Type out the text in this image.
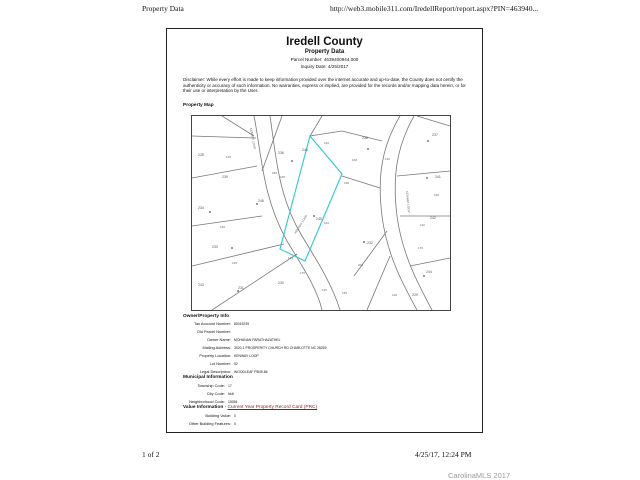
Property Data	http://web3.mobile311.com/IredellReport/report.aspx?PIN=463940...
Iredell County
Property Data
Parcel Number: 4639400944.000
Inquiry Date: 4/25/2017
Disclaimer: While every effort is made to keep information provided over the internet accurate and up-to-date, the County does not certify the authenticity or accuracy of such information. No warranties, express or implied, are provided for the records and/or mapping data herein, or for their use or interpretation by the User.
Property Map
238
240
237
236
241
239
234
246
245
233
232
231
244
243
242
230
229
228
KENWAY LOOP
KENWAY LOOP
KENWAY LOOP
140
110
160
190
162
125
180
165
120
135
175
115
200
155	140
170
110
160
125
Owner/Property Info
Tax Account Number: 80019239
Old Parcel Number:
Owner Name: MOHANAN PARATHAZATHEL
Mailing Address: 3020-1 PROSPERITY CHURCH RD CHARLOTTE NC 28269
Property Location: KENWAY LOOP
Lot Number: 52
Legal Description: WOODLEAF PB49-86
Municipal Information
Township Code: 17
City Code: Null
Neighborhood Code: 15054
Value Information - Current Year Property Record Card (PRC)
Building Value: 0
Other Building Features: 0
1 of 2	4/25/17, 12:24 PM
CarolinaMLS 2017
